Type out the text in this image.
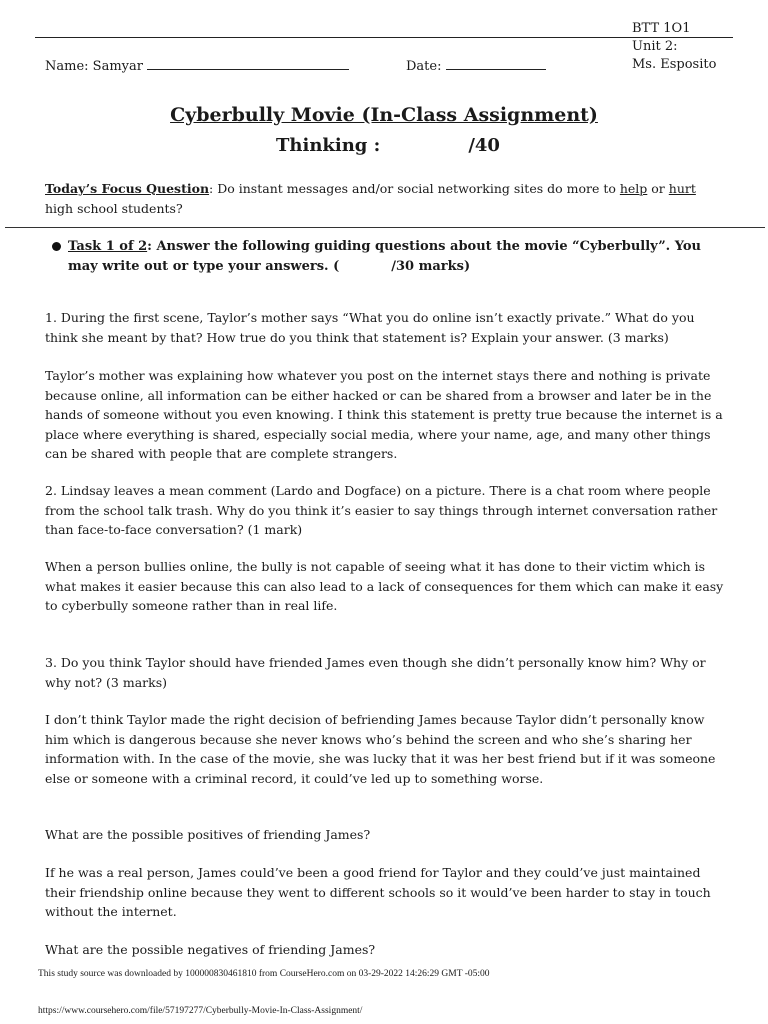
BTT 1O1
Unit 2:
Ms. Esposito
Name: Samyar	Date:
Cyberbully Movie (In-Class Assignment)
Thinking :	/40
Today’s Focus Question: Do instant messages and/or social networking sites do more to help or hurt high school students?
Task 1 of 2: Answer the following guiding questions about the movie “Cyberbully”. You may write out or type your answers. (	/30 marks)
1. During the first scene, Taylor’s mother says “What you do online isn’t exactly private.” What do you think she meant by that? How true do you think that statement is? Explain your answer. (3 marks)
Taylor’s mother was explaining how whatever you post on the internet stays there and nothing is private because online, all information can be either hacked or can be shared from a browser and later be in the hands of someone without you even knowing. I think this statement is pretty true because the internet is a place where everything is shared, especially social media, where your name, age, and many other things can be shared with people that are complete strangers.
2. Lindsay leaves a mean comment (Lardo and Dogface) on a picture. There is a chat room where people from the school talk trash. Why do you think it’s easier to say things through internet conversation rather than face-to-face conversation? (1 mark)
When a person bullies online, the bully is not capable of seeing what it has done to their victim which is what makes it easier because this can also lead to a lack of consequences for them which can make it easy to cyberbully someone rather than in real life.
3. Do you think Taylor should have friended James even though she didn’t personally know him? Why or why not? (3 marks)
I don’t think Taylor made the right decision of befriending James because Taylor didn’t personally know him which is dangerous because she never knows who’s behind the screen and who she’s sharing her information with. In the case of the movie, she was lucky that it was her best friend but if it was someone else or someone with a criminal record, it could’ve led up to something worse.
What are the possible positives of friending James?
If he was a real person, James could’ve been a good friend for Taylor and they could’ve just maintained their friendship online because they went to different schools so it would’ve been harder to stay in touch without the internet.
What are the possible negatives of friending James?
This study source was downloaded by 100000830461810 from CourseHero.com on 03-29-2022 14:26:29 GMT -05:00
https://www.coursehero.com/file/57197277/Cyberbully-Movie-In-Class-Assignment/
